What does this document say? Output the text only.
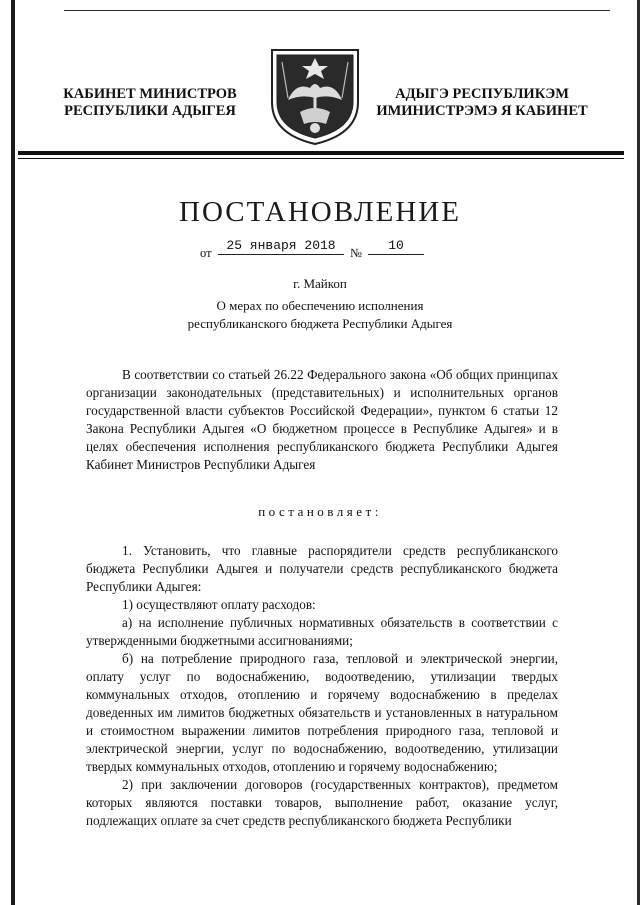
КАБИНЕТ МИНИСТРОВ
РЕСПУБЛИКИ АДЫГЕЯ
АДЫГЭ РЕСПУБЛИКЭМ
ИМИНИСТРЭМЭ Я КАБИНЕТ
ПОСТАНОВЛЕНИЕ
от	25 января 2018	№	10
г. Майкоп
О мерах по обеспечению исполнения
республиканского бюджета Республики Адыгея

В соответствии со статьей 26.22 Федерального закона «Об общих принципах организации законодательных (представительных) и исполнительных органов государственной власти субъектов Российской Федерации», пунктом 6 статьи 12 Закона Республики Адыгея «О бюджетном процессе в Республике Адыгея» и в целях обеспечения исполнения республиканского бюджета Республики Адыгея Кабинет Министров Республики Адыгея

постановляет:

1. Установить, что главные распорядители средств республиканского бюджета Республики Адыгея и получатели средств республиканского бюджета Республики Адыгея:

1) осуществляют оплату расходов:

а) на исполнение публичных нормативных обязательств в соответствии с утвержденными бюджетными ассигнованиями;

б) на потребление природного газа, тепловой и электрической энергии, оплату услуг по водоснабжению, водоотведению, утилизации твердых коммунальных отходов, отоплению и горячему водоснабжению в пределах доведенных им лимитов бюджетных обязательств и установленных в натуральном и стоимостном выражении лимитов потребления природного газа, тепловой и электрической энергии, услуг по водоснабжению, водоотведению, утилизации твердых коммунальных отходов, отоплению и горячему водоснабжению;

2) при заключении договоров (государственных контрактов), предметом которых являются поставки товаров, выполнение работ, оказание услуг, подлежащих оплате за счет средств республиканского бюджета Республики
